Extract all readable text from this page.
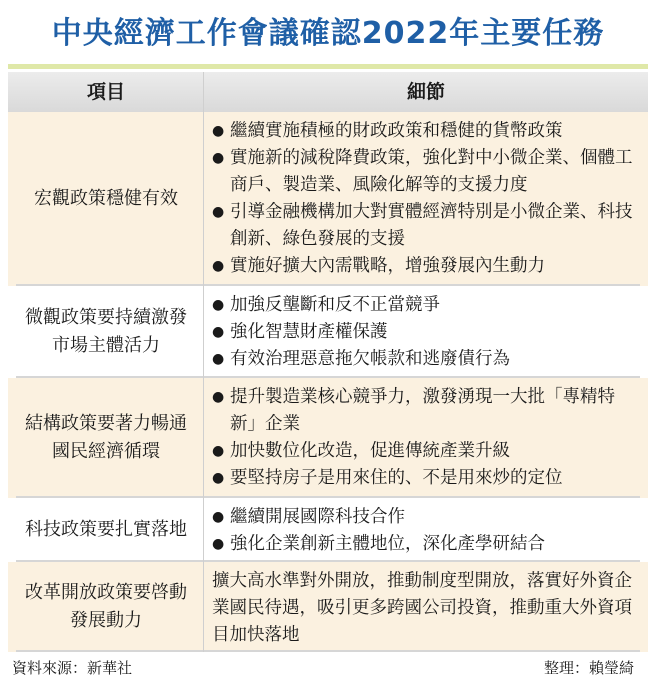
中央經濟工作會議確認2022年主要任務
項目	細節
宏觀政策穩健有效
● 繼續實施積極的財政政策和穩健的貨幣政策
● 實施新的減稅降費政策，強化對中小微企業、個體工商戶、製造業、風險化解等的支援力度
● 引導金融機構加大對實體經濟特別是小微企業、科技創新、綠色發展的支援
● 實施好擴大內需戰略，增強發展內生動力
微觀政策要持續激發市場主體活力
● 加強反壟斷和反不正當競爭
● 強化智慧財產權保護
● 有效治理惡意拖欠帳款和逃廢債行為
結構政策要著力暢通國民經濟循環
● 提升製造業核心競爭力，激發湧現一大批「專精特新」企業
● 加快數位化改造，促進傳統產業升級
● 要堅持房子是用來住的、不是用來炒的定位
科技政策要扎實落地
● 繼續開展國際科技合作
● 強化企業創新主體地位，深化產學研結合
改革開放政策要啓動發展動力
擴大高水準對外開放，推動制度型開放，落實好外資企業國民待遇，吸引更多跨國公司投資，推動重大外資項目加快落地
資料來源：新華社	整理：賴瑩綺
